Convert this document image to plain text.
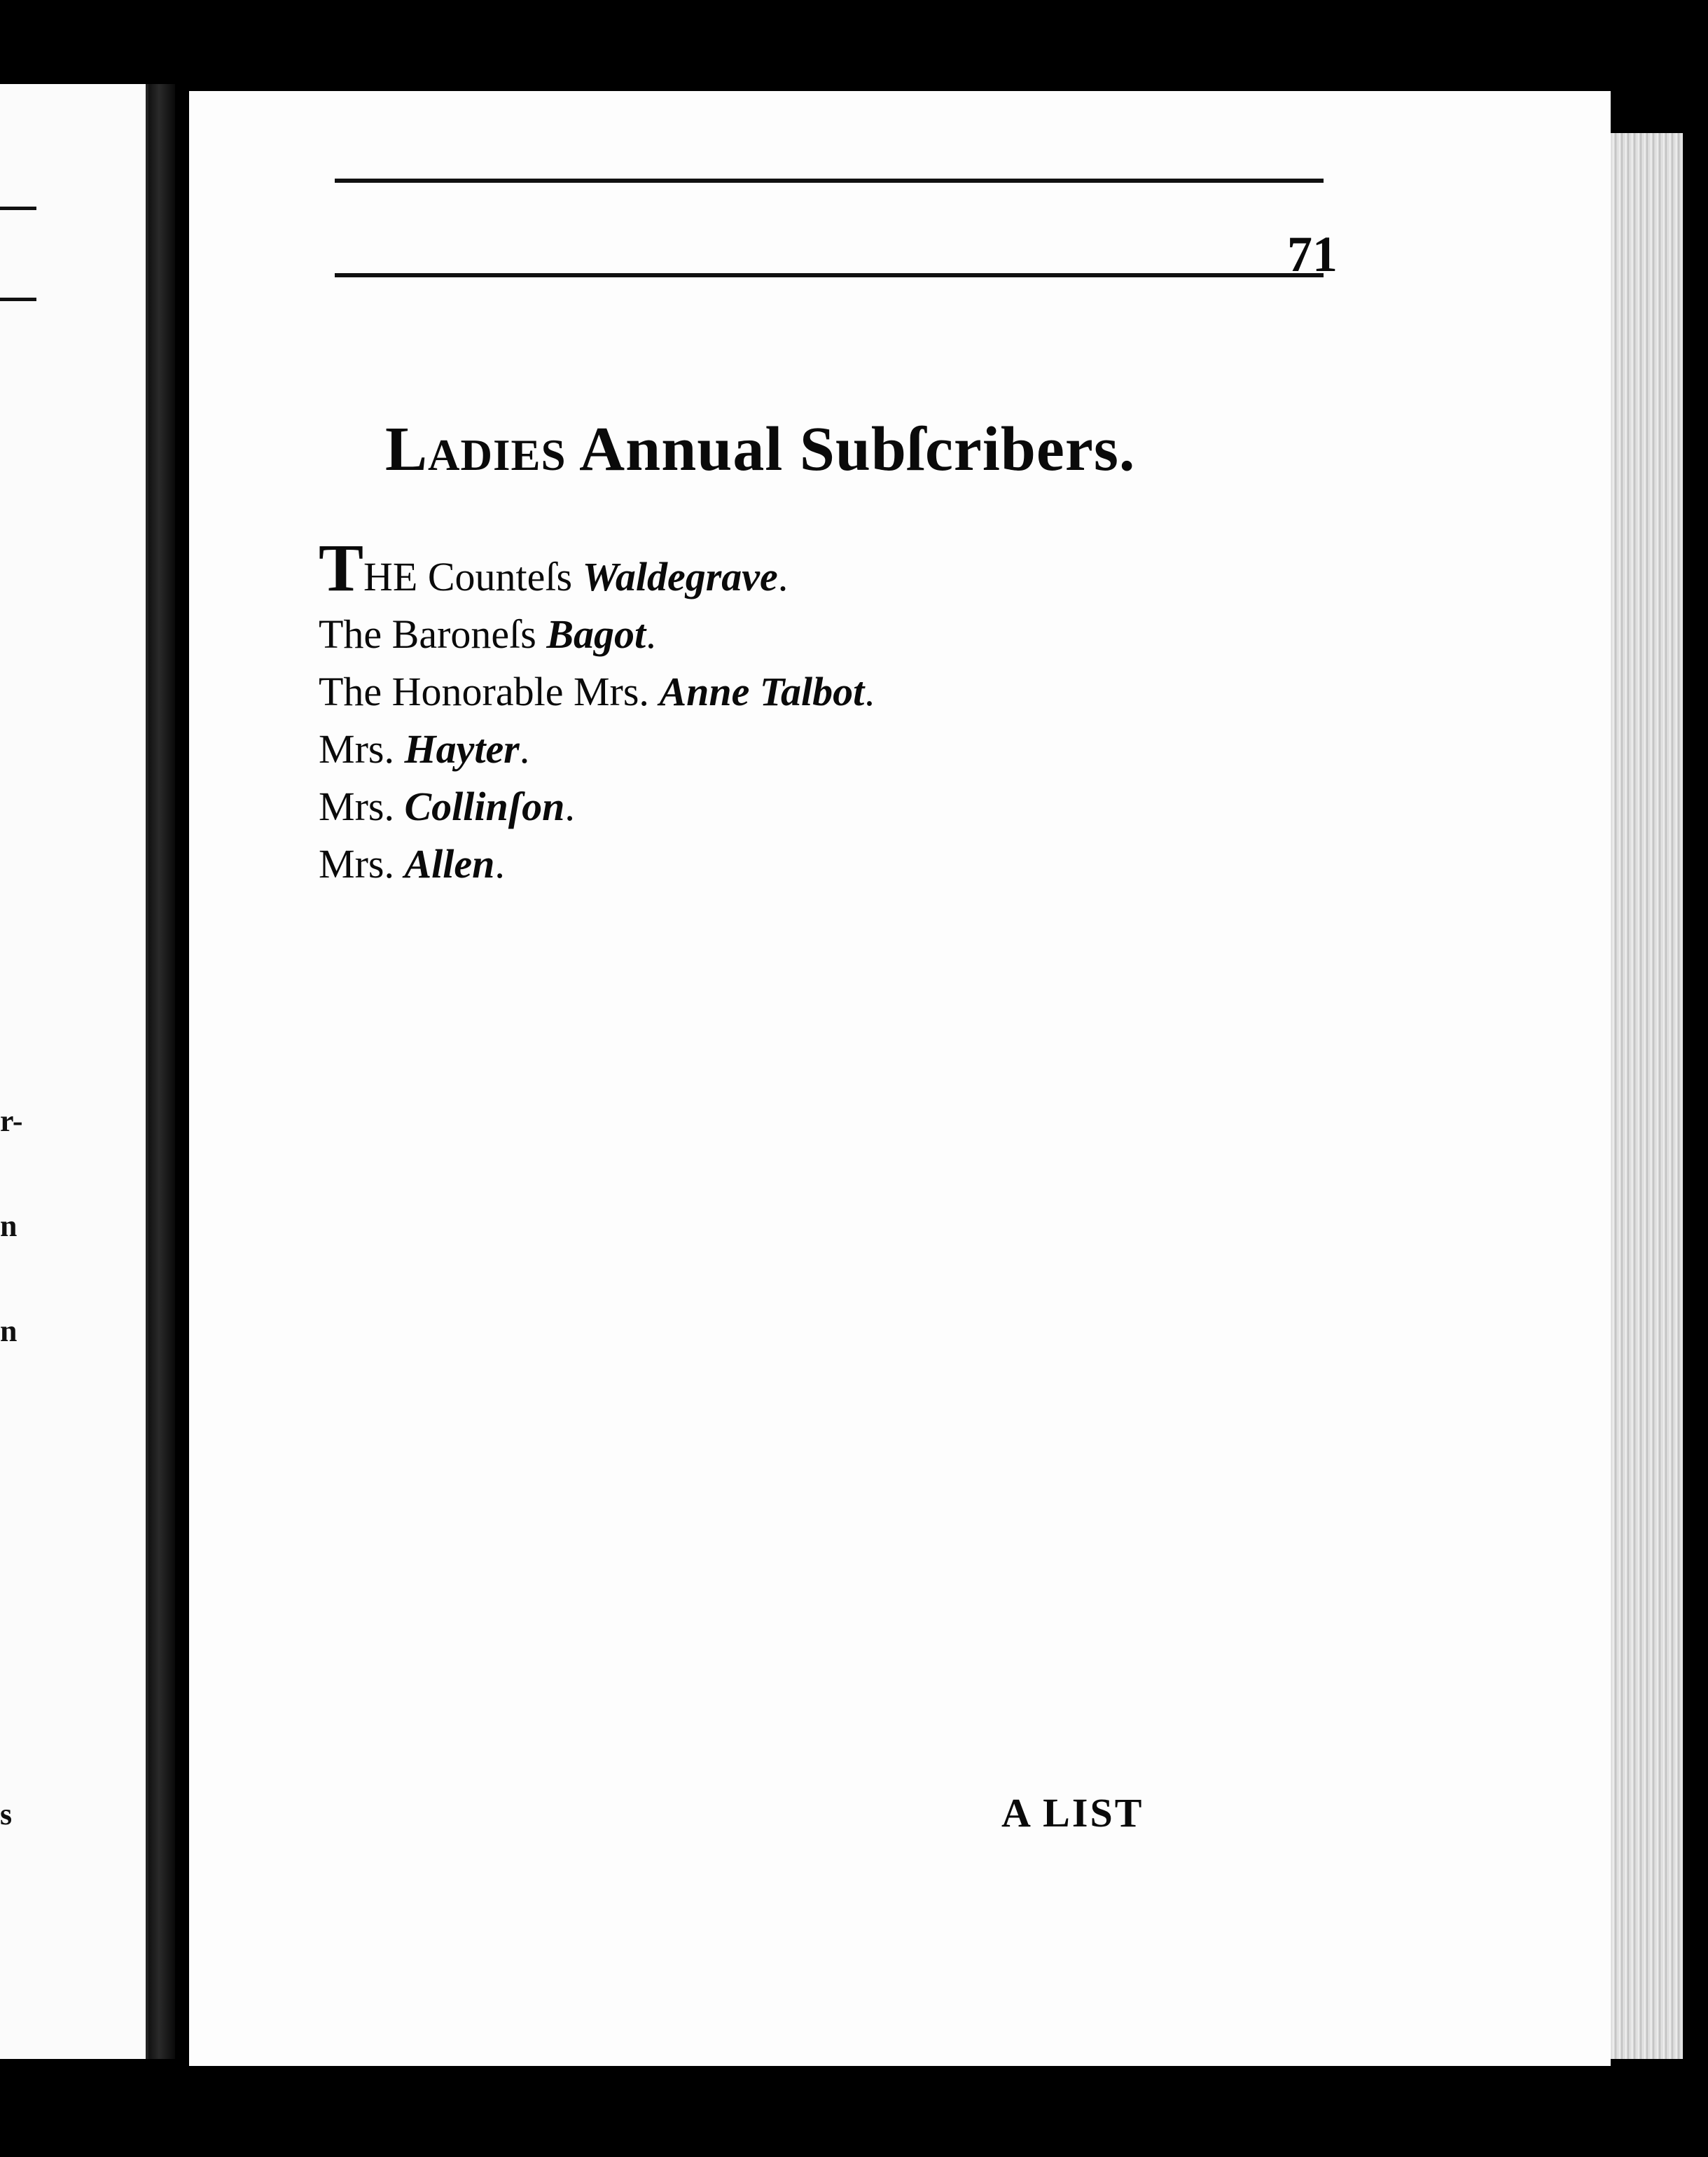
r-
n
n
s
71
Ladies Annual Subſcribers.
THE Counteſs Waldegrave.
The Baroneſs Bagot.
The Honorable Mrs. Anne Talbot.
Mrs. Hayter.
Mrs. Collinſon.
Mrs. Allen.
A LIST
